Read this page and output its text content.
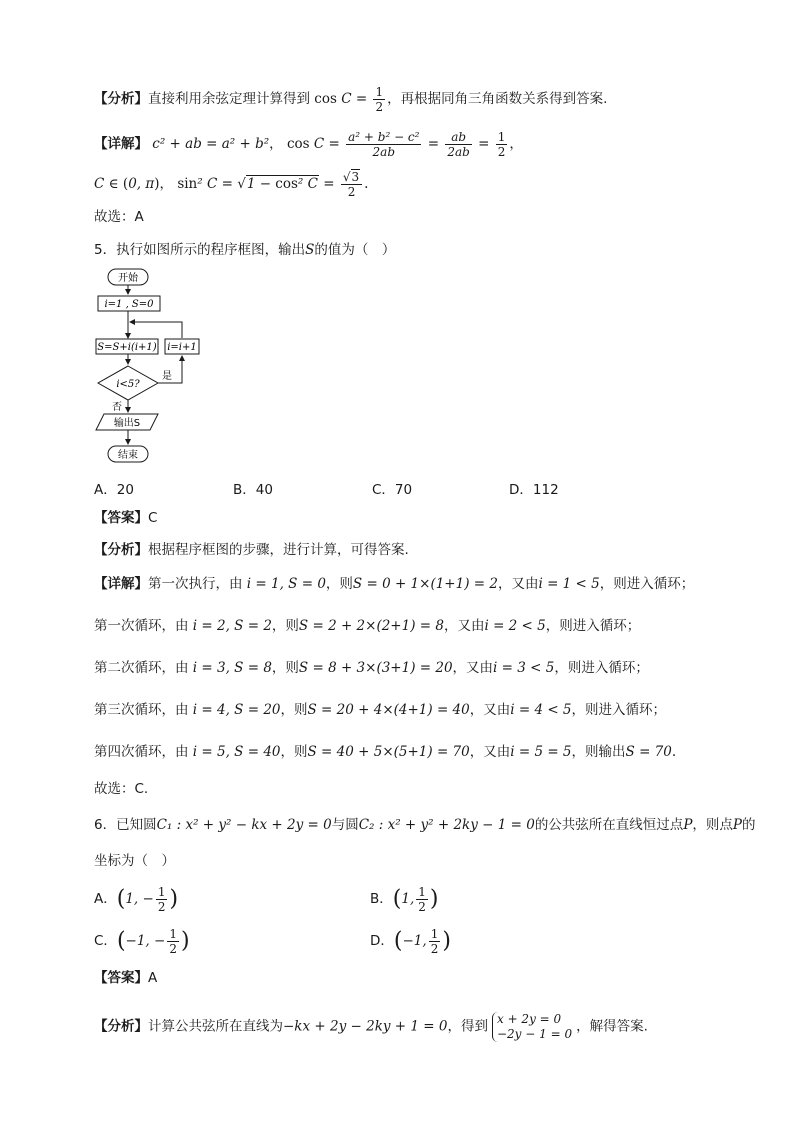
【分析】直接利用余弦定理计算得到 $\cos C = \frac{1}{2}$ ，再根据同角三角函数关系得到答案.
【详解】 c² + ab = a² + b²， $\cos C = \frac{\text{a² + b² − c²}}{2ab} = \frac{ab}{2ab} = \frac{1}{2}$ ，
C ∈ (0, π)， sin² C = √1 − cos² $C = \frac{√3}{2}$ .
故选：A
5．执行如图所示的程序框图，输出S的值为（　）
开始
i=1 , S=0
S=S+i(i+1) i=i+1
i<5?
是
否
输出S
结束
A．20	B．40	C．70	D．112
【答案】C
【分析】根据程序框图的步骤，进行计算，可得答案.
【详解】第一次执行，由 i = 1, S = 0，则S = 0 + 1×(1+1) = 2，又由i = 1 < 5，则进入循环；
第一次循环，由 i = 2, S = 2，则S = 2 + 2×(2+1) = 8，又由i = 2 < 5，则进入循环；
第二次循环，由 i = 3, S = 8，则S = 8 + 3×(3+1) = 20，又由i = 3 < 5，则进入循环；
第三次循环，由 i = 4, S = 20，则S = 20 + 4×(4+1) = 40，又由i = 4 < 5，则进入循环；
第四次循环，由 i = 5, S = 40，则S = 40 + 5×(5+1) = 70，又由i = 5 = 5，则输出S = 70.
故选：C.
6．已知圆C₁ : x² + y² − kx + 2y = 0与圆C₂ : x² + y² + 2ky − 1 = 0的公共弦所在直线恒过点P，则点P的
坐标为（　）
A．(1, − $\frac{1}{2}$ )	B．(1, $\frac{1}{2}$ )
C．(−1, − $\frac{1}{2}$ )	D．(−1, $\frac{1}{2}$ )
【答案】A
【分析】计算公共弦所在直线为−kx + 2y − 2ky + 1 = 0，得到 x + 2y = 0
−2y − 1 = 0 ，解得答案.
